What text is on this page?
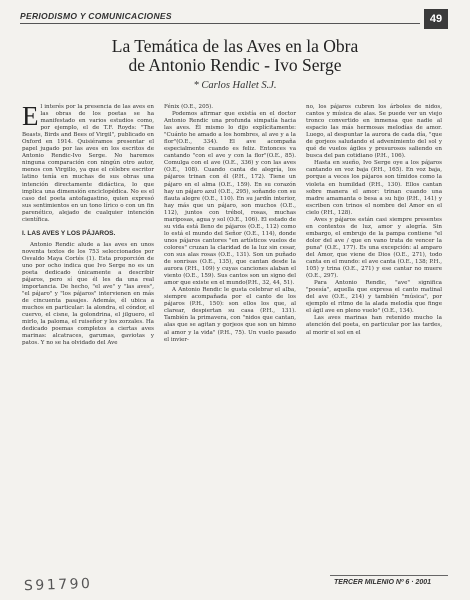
PERIODISMO Y COMUNICACIONES	49
La Temática de las Aves en la Obra
de Antonio Rendic - Ivo Serge
* Carlos Hallet S.J.

El interés por la presencia de las aves en las obras de los poetas se ha manifestado en varios estudios como, por ejemplo, el de T.F. Royds: "The Beasts, Birds and Bees of Virgil", publicado en Oxford en 1914. Quisiéramos presentar el papel jugado por las aves en los escritos de Antonio Rendic-Ivo Serge. No haremos ninguna comparación con ningún otro autor, menos con Virgilio, ya que el célebre escritor latino tenía en muchas de sus obras una intención directamente didáctica, lo que implica una dimensión enciclopédica. No es el caso del poeta antofagastino, quien expresó sus sentimientos en un tono lírico o con un fin parenético, alejado de cualquier intención científica.

I. LAS AVES Y LOS PÁJAROS.

Antonio Rendic alude a las aves en unos noventa textos de los 753 seleccionados por Osvaldo Maya Cortés (1). Esta proporción de uno por ocho indica que Ivo Serge no es un poeta dedicado únicamente a describir pájaros, pero sí que él les da una real importancia. De hecho, "el ave" y "las aves", "el pájaro" y "los pájaros" intervienen en más de cincuenta pasajes. Además, él ubica a muchos en particular: la alondra, el cóndor, el cuervo, el cisne, la golondrina, el jilguero, el mirlo, la paloma, el ruiseñor y los zorzales. Ha dedicado poemas completos a ciertas aves marinas: alcatraces, garumas, gaviotas y patos. Y no se ha olvidado del Ave

Fénix (O.E., 205).

Podemos afirmar que existía en el doctor Antonio Rendic una profunda simpatía hacia las aves. Él mismo lo dijo explícitamente: "Cuánto he amado a los hombres, al ave y a la flor"(O.E., 334). El ave acompaña especialmente cuando es feliz. Entonces va cantando "con el ave y con la flor"(O.E., 85). Comulga con el ave (O.E., 336) y con las aves (O.E., 108). Cuando canta de alegría, los pájaros trinan con él (P.H., 172). Tiene un pájaro en el alma (O.E., 159). En su corazón hay un pájaro azul (O.E., 295), soñando con su flauta alegre (O.E., 110). En su jardín interior, hay más que un pájaro, son muchos (O.E., 112), juntos con trébol, rosas, muchas mariposas, agua y sol (O.E., 106). El estado de su vida está lleno de pájaros (O.E., 112) como lo está el mundo del Señor (O.E., 114), donde unos pájaros cantores "en artísticos vuelos de colores" cruzan la claridad de la luz sin cesar, con sus alas rosas (O.E., 131). Son un puñado de sonrisas (O.E., 135), que cantan desde la aurora (P.H., 109) y cuyas canciones alaban el viento (O.E., 159). Sus cantos son un signo del amor que existe en el mundo(P.H., 32, 44, 51).

A Antonio Rendic le gusta celebrar el alba, siempre acompañada por el canto de los pájaros (P.H., 150): son ellos los que, al clarear, despiertan su casa (P.H., 131). También la primavera, con "nidos que cantan, alas que se agitan y gorjeos que son un himno al amor y la vida" (P.H., 75). Un vuelo pasado el invier-

no, los pájaros cubren los árboles de nidos, cantos y música de alas. Se puede ver un viejo tronco convertido en inmensa que nadie al espacio las más hermosas melodías de amor. Luego, al despuntar la aurora de cada día, "que de gorjeos saludando el advenimiento del sol y qué de vuelos ágiles y presurosos saliendo en busca del pan cotidiano (P.H., 106).

Hasta en sueño, Ivo Serge oye a los pájaros cantando en voz baja (P.H., 165). En voz baja, porque a veces los pájaros son tímidos como la violeta en humildad (P.H., 130). Ellos cantan sobre manera el amor: trinan cuando una madre amamanta o besa a su hijo (P.H., 141) y escriben con trinos el nombre del Amor en el cielo (P.H., 128).

Aves y pájaros están casi siempre presentes en contextos de luz, amor y alegría. Sin embargo, el embrujo de la pampa contiene "el dolor del ave / que en vano trata de vencer la puna" (O.E., 177). Es una excepción: al amparo del Amor, que viene de Dios (O.E., 271), todo canta en el mundo: el ave canta (O.E., 138; P.H., 105) y trina (O.E., 271) y ese cantar no muere (O.E., 297).

Para Antonio Rendic, "ave" significa "poesía", aquella que expresa el canto matinal del ave (O.E., 214) y también "música", por ejemplo el ritmo de la alada melodía que finge el ágil ave en pleno vuelo" (O.E., 134).

Las aves marinas han retenido mucho la atención del poeta, en particular por las tardes, al morir el sol en el

S91790	TERCER MILENIO Nº 6 · 2001
